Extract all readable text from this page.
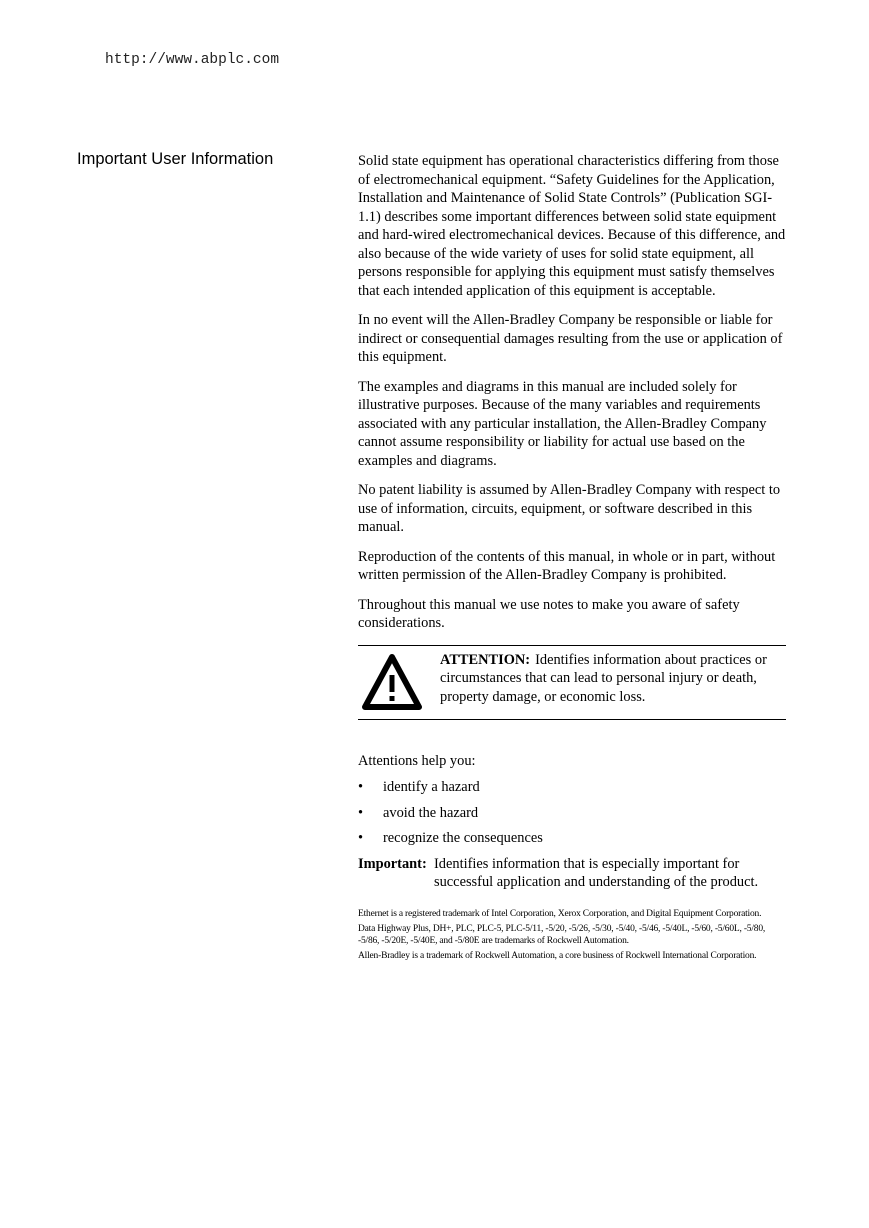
http://www.abplc.com
Important User Information	Solid state equipment has operational characteristics differing from those of electromechanical equipment. “Safety Guidelines for the Application, Installation and Maintenance of Solid State Controls” (Publication SGI-1.1) describes some important differences between solid state equipment and hard-wired electromechanical devices. Because of this difference, and also because of the wide variety of uses for solid state equipment, all persons responsible for applying this equipment must satisfy themselves that each intended application of this equipment is acceptable.

In no event will the Allen-Bradley Company be responsible or liable for indirect or consequential damages resulting from the use or application of this equipment.

The examples and diagrams in this manual are included solely for illustrative purposes. Because of the many variables and requirements associated with any particular installation, the Allen-Bradley Company cannot assume responsibility or liability for actual use based on the examples and diagrams.

No patent liability is assumed by Allen-Bradley Company with respect to use of information, circuits, equipment, or software described in this manual.

Reproduction of the contents of this manual, in whole or in part, without written permission of the Allen-Bradley Company is prohibited.

Throughout this manual we use notes to make you aware of safety considerations.

ATTENTION: Identifies information about practices or circumstances that can lead to personal injury or death, property damage, or economic loss.
Attentions help you:
• identify a hazard
• avoid the hazard
• recognize the consequences
Important: Identifies information that is especially important for successful application and understanding of the product.
Ethernet is a registered trademark of Intel Corporation, Xerox Corporation, and Digital Equipment Corporation.
Data Highway Plus, DH+, PLC, PLC-5, PLC-5/11, -5/20, -5/26, -5/30, -5/40, -5/46, -5/40L, -5/60, -5/60L, -5/80, -5/86, -5/20E, -5/40E, and -5/80E are trademarks of Rockwell Automation.
Allen-Bradley is a trademark of Rockwell Automation, a core business of Rockwell International Corporation.
